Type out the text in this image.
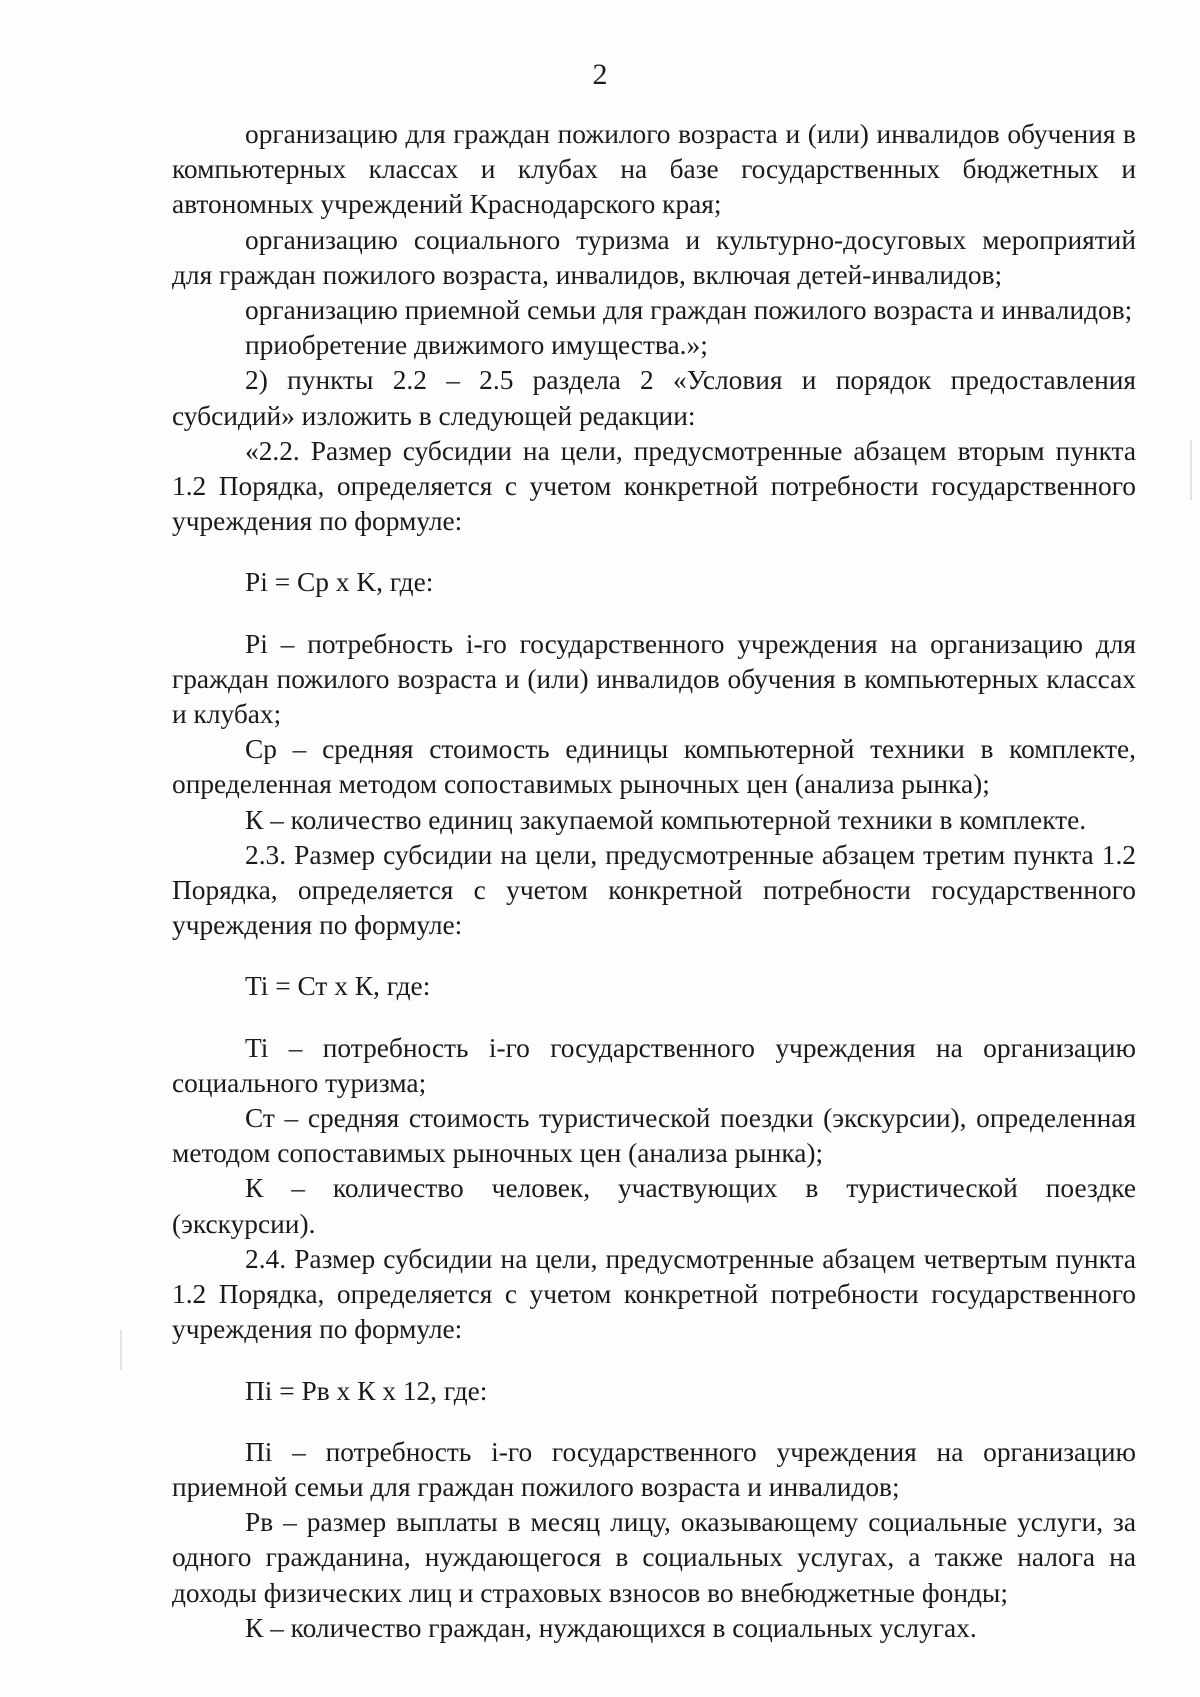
2

организацию для граждан пожилого возраста и (или) инвалидов обучения в компьютерных классах и клубах на базе государственных бюджетных и автономных учреждений Краснодарского края;

организацию социального туризма и культурно-досуговых мероприятий для граждан пожилого возраста, инвалидов, включая детей-инвалидов;

организацию приемной семьи для граждан пожилого возраста и инвалидов;

приобретение движимого имущества.»;

2) пункты 2.2 – 2.5 раздела 2 «Условия и порядок предоставления субсидий» изложить в следующей редакции:

«2.2. Размер субсидии на цели, предусмотренные абзацем вторым пункта 1.2 Порядка, определяется с учетом конкретной потребности государственного учреждения по формуле:

Pi = Cp x K, где:

Pi – потребность i-го государственного учреждения на организацию для граждан пожилого возраста и (или) инвалидов обучения в компьютерных классах и клубах;

Ср – средняя стоимость единицы компьютерной техники в комплекте, определенная методом сопоставимых рыночных цен (анализа рынка);

К – количество единиц закупаемой компьютерной техники в комплекте.

2.3. Размер субсидии на цели, предусмотренные абзацем третим пункта 1.2 Порядка, определяется с учетом конкретной потребности государственного учреждения по формуле:

Ti = Ст х К, где:

Ti – потребность i-го государственного учреждения на организацию социального туризма;

Ст – средняя стоимость туристической поездки (экскурсии), определенная методом сопоставимых рыночных цен (анализа рынка);

К – количество человек, участвующих в туристической поездке (экскурсии).

2.4. Размер субсидии на цели, предусмотренные абзацем четвертым пункта 1.2 Порядка, определяется с учетом конкретной потребности государственного учреждения по формуле:

Пi = Рв х К х 12, где:

Пi – потребность i-го государственного учреждения на организацию приемной семьи для граждан пожилого возраста и инвалидов;

Рв – размер выплаты в месяц лицу, оказывающему социальные услуги, за одного гражданина, нуждающегося в социальных услугах, а также налога на доходы физических лиц и страховых взносов во внебюджетные фонды;

К – количество граждан, нуждающихся в социальных услугах.
